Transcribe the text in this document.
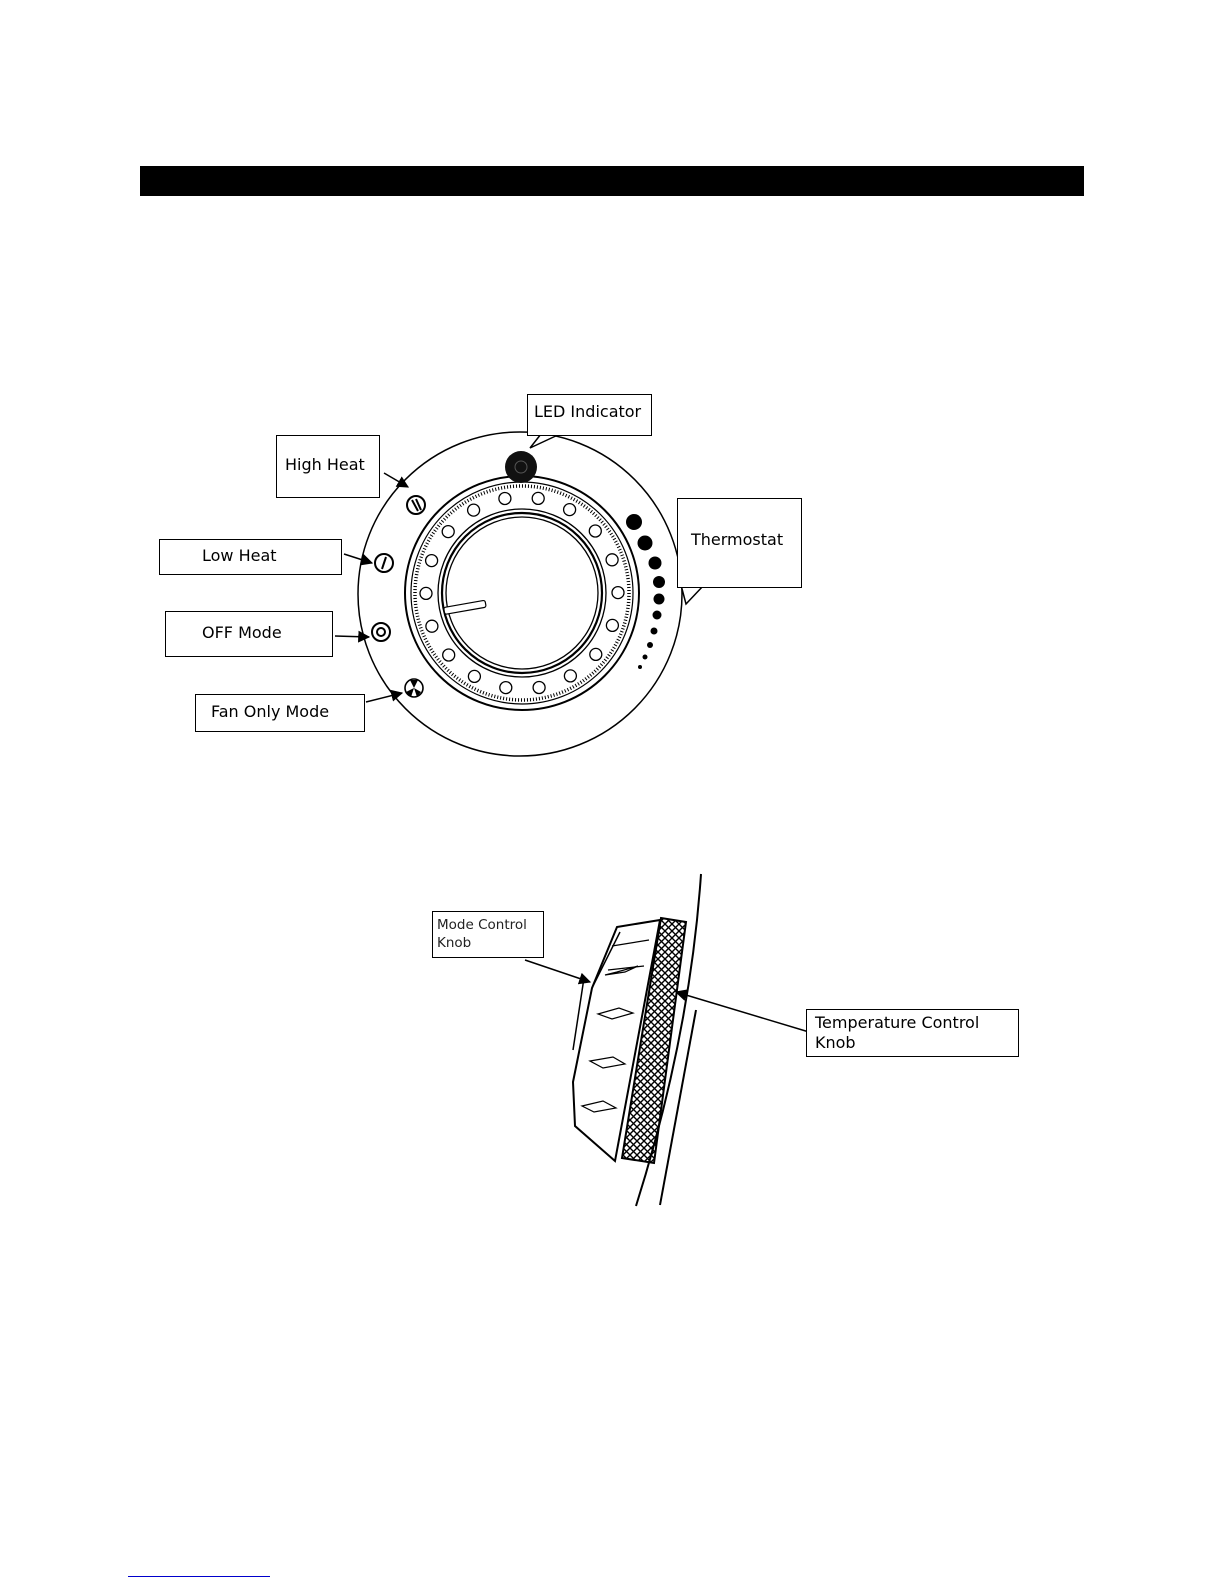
LED Indicator
High Heat
Low Heat
OFF Mode
Fan Only Mode
Thermostat
Mode Control
Knob
Temperature Control
Knob
